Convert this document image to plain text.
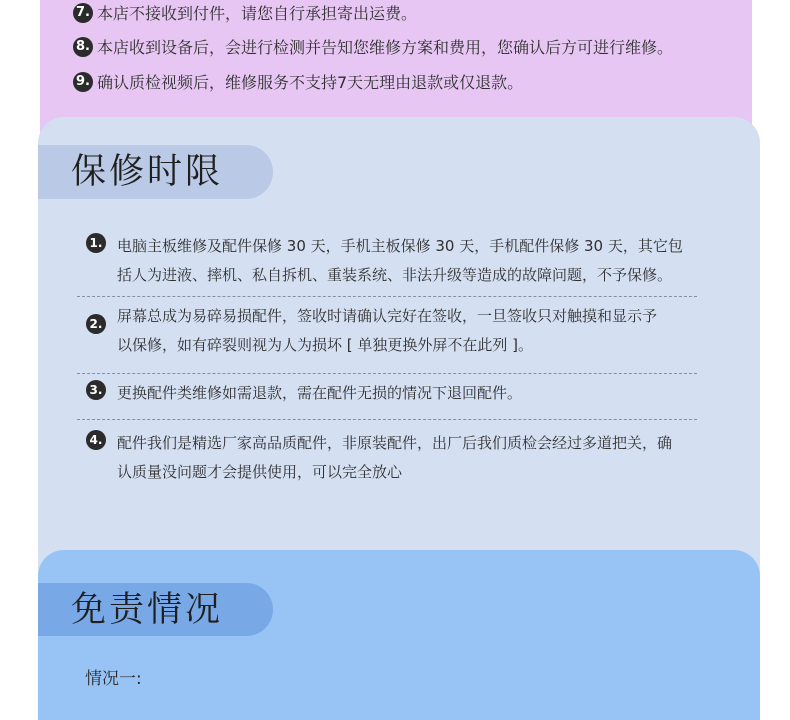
7. 本店不接收到付件，请您自行承担寄出运费。
8. 本店收到设备后，会进行检测并告知您维修方案和费用，您确认后方可进行维修。
9. 确认质检视频后，维修服务不支持7天无理由退款或仅退款。
保修时限
1. 电脑主板维修及配件保修 30 天，手机主板保修 30 天，手机配件保修 30 天，其它包
括人为进液、摔机、私自拆机、重装系统、非法升级等造成的故障问题，不予保修。
2. 屏幕总成为易碎易损配件，签收时请确认完好在签收，一旦签收只对触摸和显示予
以保修，如有碎裂则视为人为损坏 [ 单独更换外屏不在此列 ]。
3. 更换配件类维修如需退款，需在配件无损的情况下退回配件。
4. 配件我们是精选厂家高品质配件，非原装配件，出厂后我们质检会经过多道把关，确
认质量没问题才会提供使用，可以完全放心
免责情况
情况一:
